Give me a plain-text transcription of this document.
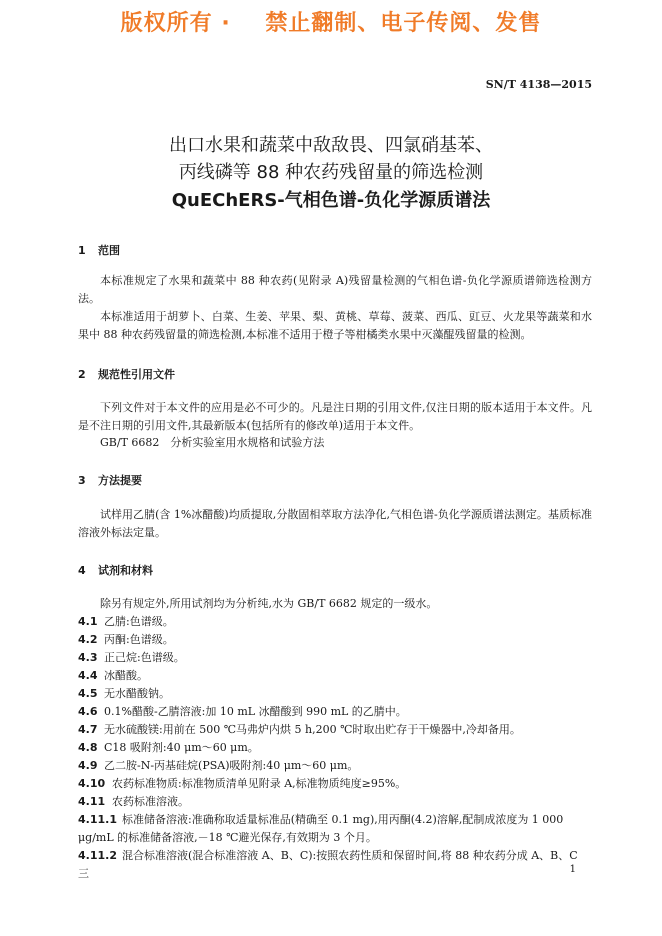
版权所有 ·    禁止翻制、电子传阅、发售
SN/T 4138—2015
出口水果和蔬菜中敌敌畏、四氯硝基苯、
丙线磷等 88 种农药残留量的筛选检测
QuEChERS-气相色谱-负化学源质谱法
1 范围
本标准规定了水果和蔬菜中 88 种农药(见附录 A)残留量检测的气相色谱-负化学源质谱筛选检测方法。
本标准适用于胡萝卜、白菜、生姜、苹果、梨、黄桃、草莓、菠菜、西瓜、豇豆、火龙果等蔬菜和水果中 88 种农药残留量的筛选检测,本标准不适用于橙子等柑橘类水果中灭藻醌残留量的检测。
2 规范性引用文件
下列文件对于本文件的应用是必不可少的。凡是注日期的引用文件,仅注日期的版本适用于本文件。凡是不注日期的引用文件,其最新版本(包括所有的修改单)适用于本文件。
GB/T 6682　分析实验室用水规格和试验方法
3 方法提要
试样用乙腈(含 1%冰醋酸)均质提取,分散固相萃取方法净化,气相色谱-负化学源质谱法测定。基质标准溶液外标法定量。
4 试剂和材料
除另有规定外,所用试剂均为分析纯,水为 GB/T 6682 规定的一级水。
4.1 乙腈:色谱级。
4.2 丙酮:色谱级。
4.3 正己烷:色谱级。
4.4 冰醋酸。
4.5 无水醋酸钠。
4.6 0.1%醋酸-乙腈溶液:加 10 mL 冰醋酸到 990 mL 的乙腈中。
4.7 无水硫酸镁:用前在 500 ℃马弗炉内烘 5 h,200 ℃时取出贮存于干燥器中,冷却备用。
4.8 C18 吸附剂:40 μm～60 μm。
4.9 乙二胺-N-丙基硅烷(PSA)吸附剂:40 μm～60 μm。
4.10 农药标准物质:标准物质清单见附录 A,标准物质纯度≥95%。
4.11 农药标准溶液。
4.11.1 标准储备溶液:准确称取适量标准品(精确至 0.1 mg),用丙酮(4.2)溶解,配制成浓度为 1 000 μg/mL 的标准储备溶液,－18 ℃避光保存,有效期为 3 个月。
4.11.2 混合标准溶液(混合标准溶液 A、B、C):按照农药性质和保留时间,将 88 种农药分成 A、B、C 三	1
